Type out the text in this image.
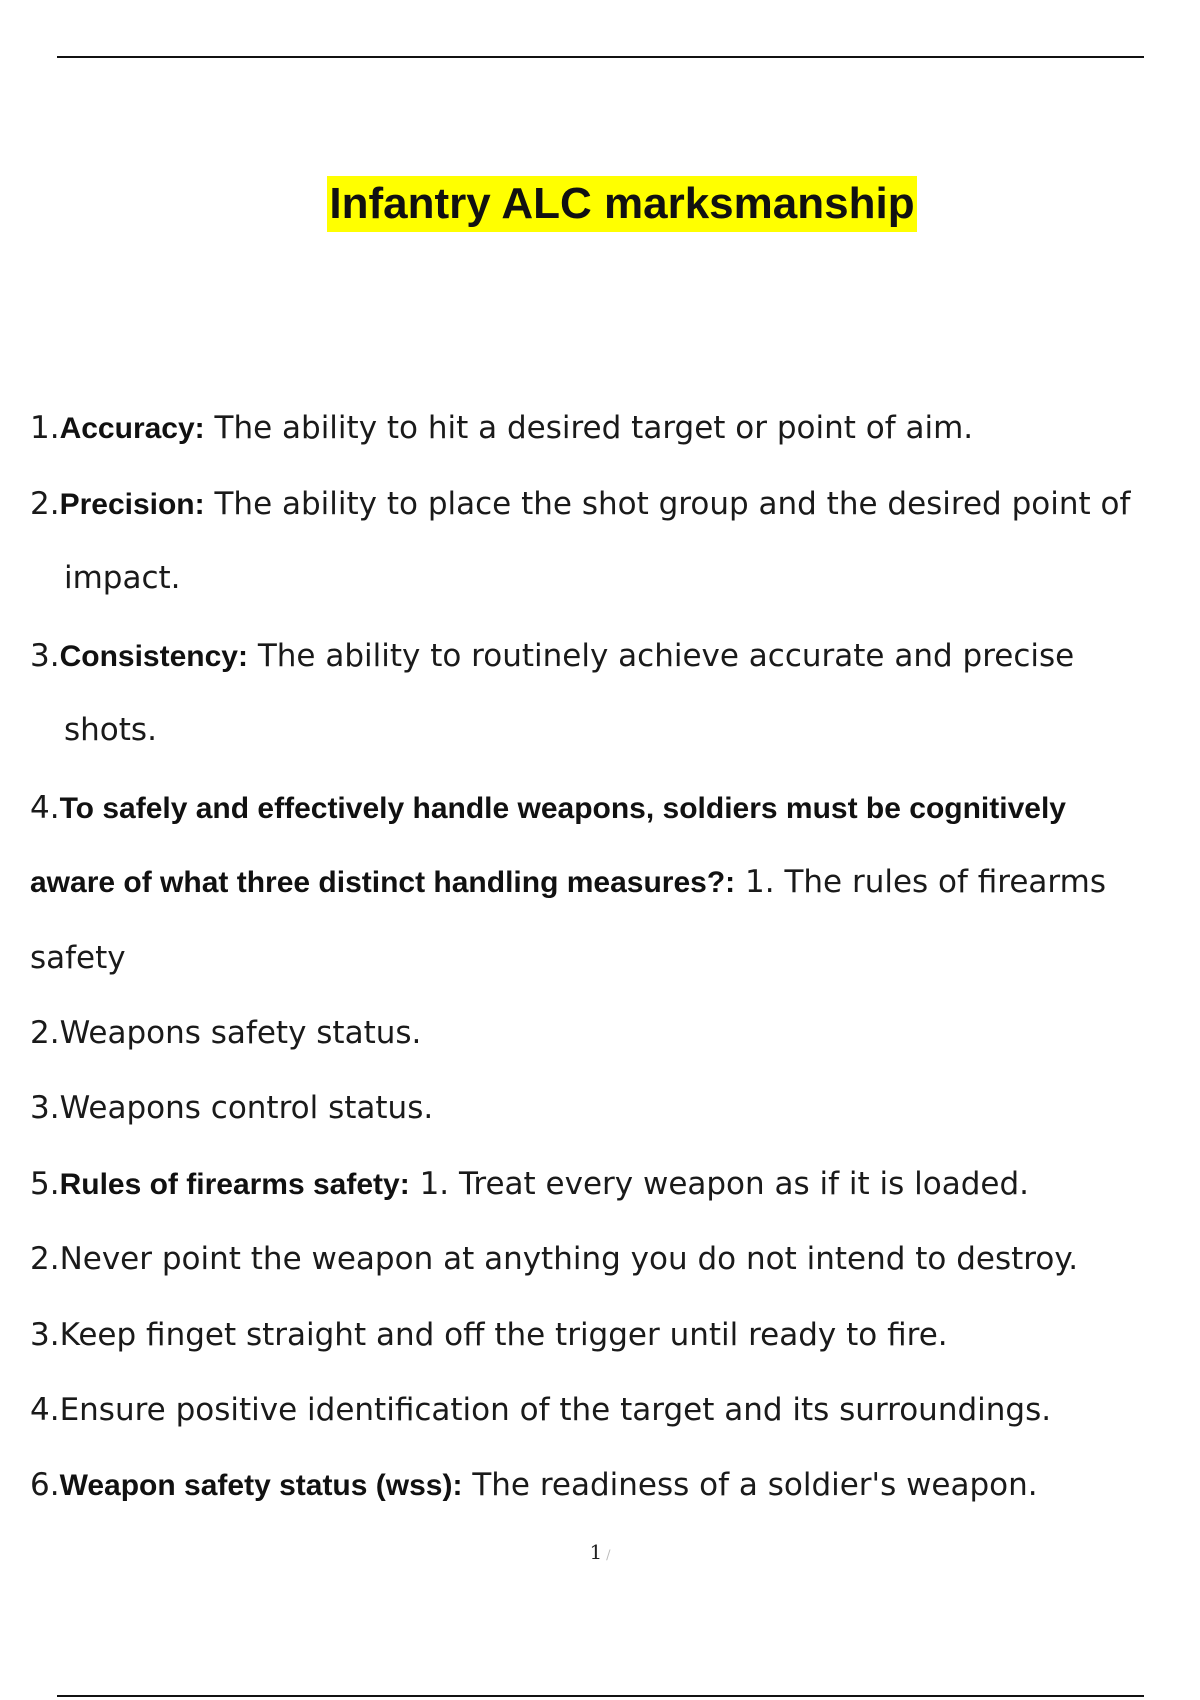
Infantry ALC marksmanship
1.Accuracy: The ability to hit a desired target or point of aim.
2.Precision: The ability to place the shot group and the desired point of
impact.
3.Consistency: The ability to routinely achieve accurate and precise
shots.
4.To safely and effectively handle weapons, soldiers must be cognitively
aware of what three distinct handling measures?: 1. The rules of firearms
safety
2.Weapons safety status.
3.Weapons control status.
5.Rules of firearms safety: 1. Treat every weapon as if it is loaded.
2.Never point the weapon at anything you do not intend to destroy.
3.Keep finget straight and off the trigger until ready to fire.
4.Ensure positive identification of the target and its surroundings.
6.Weapon safety status (wss): The readiness of a soldier's weapon.
1 /
